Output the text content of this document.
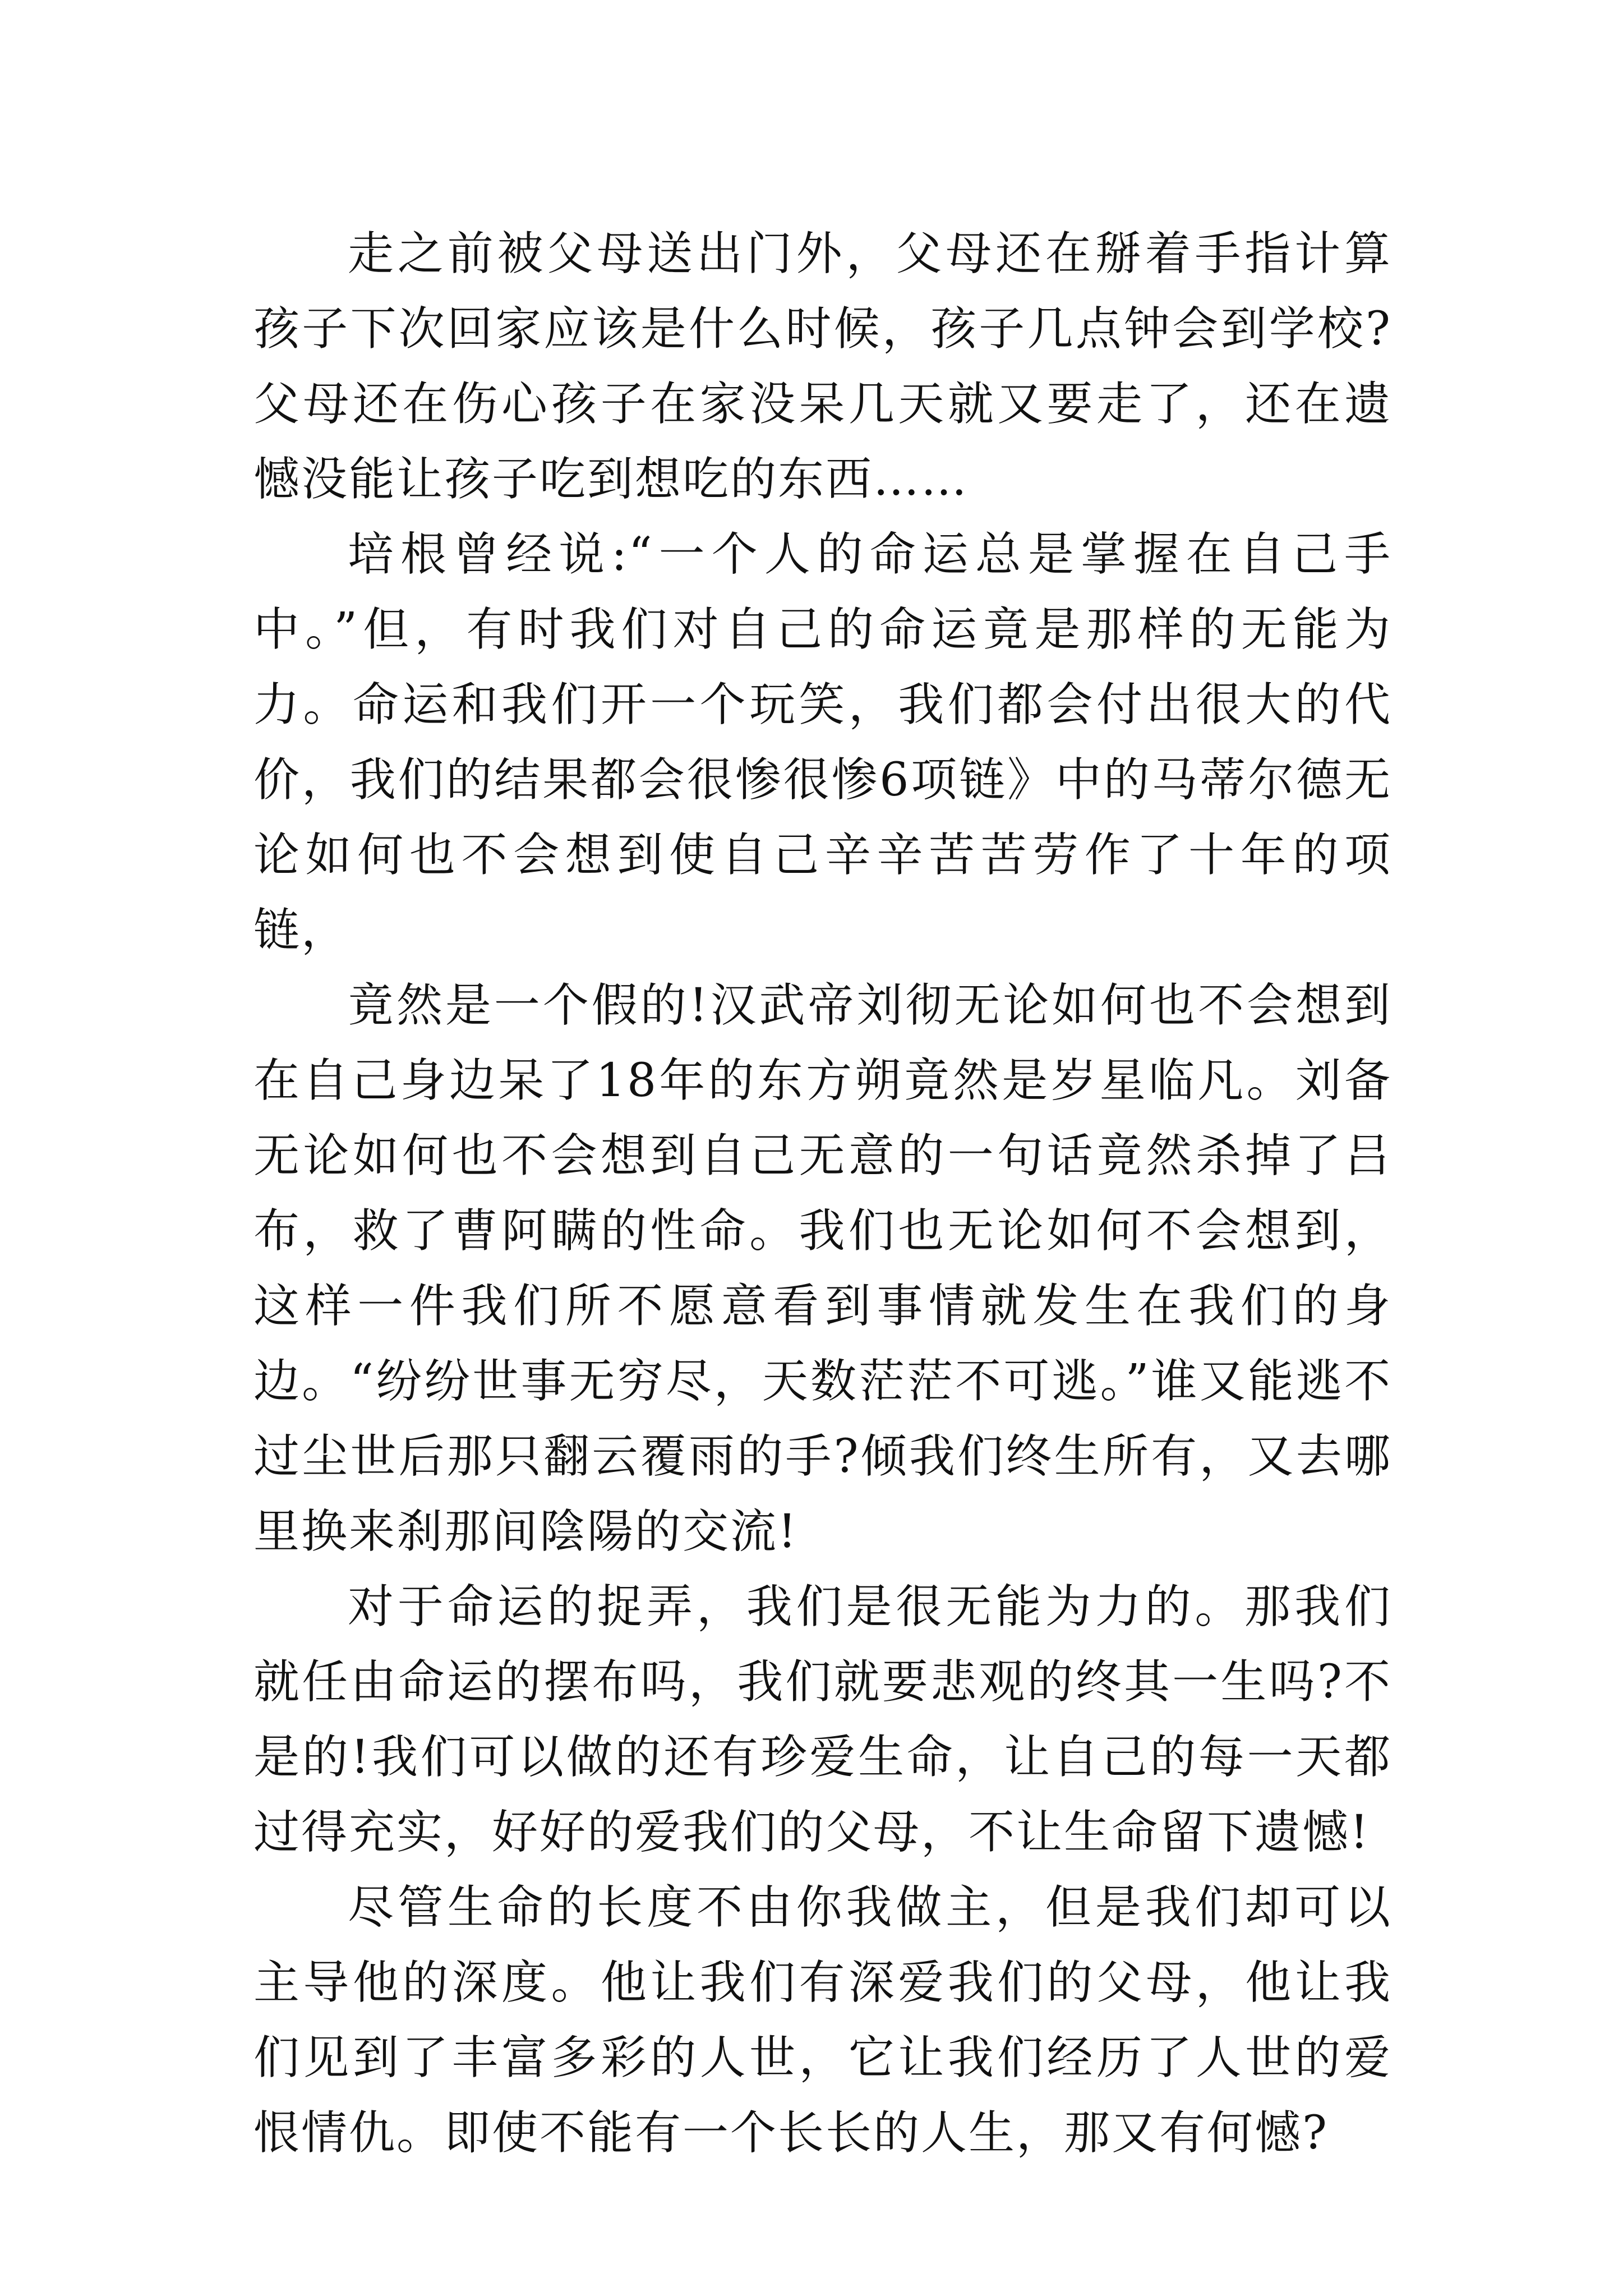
走之前被父母送出门外，父母还在掰着手指计算孩子下次回家应该是什么时候，孩子几点钟会到学校?父母还在伤心孩子在家没呆几天就又要走了，还在遗憾没能让孩子吃到想吃的东西……

培根曾经说:“一个人的命运总是掌握在自己手中。”但，有时我们对自己的命运竟是那样的无能为力。命运和我们开一个玩笑，我们都会付出很大的代价，我们的结果都会很惨很惨6项链》中的马蒂尔德无论如何也不会想到使自己辛辛苦苦劳作了十年的项链，

竟然是一个假的!汉武帝刘彻无论如何也不会想到在自己身边呆了18年的东方朔竟然是岁星临凡。刘备无论如何也不会想到自己无意的一句话竟然杀掉了吕布，救了曹阿瞒的性命。我们也无论如何不会想到，这样一件我们所不愿意看到事情就发生在我们的身边。“纷纷世事无穷尽，天数茫茫不可逃。”谁又能逃不过尘世后那只翻云覆雨的手?倾我们终生所有，又去哪里换来刹那间陰陽的交流!

对于命运的捉弄，我们是很无能为力的。那我们就任由命运的摆布吗，我们就要悲观的终其一生吗?不是的!我们可以做的还有珍爱生命，让自己的每一天都过得充实，好好的爱我们的父母，不让生命留下遗憾!

尽管生命的长度不由你我做主，但是我们却可以主导他的深度。他让我们有深爱我们的父母，他让我们见到了丰富多彩的人世，它让我们经历了人世的爱恨情仇。即使不能有一个长长的人生，那又有何憾?
